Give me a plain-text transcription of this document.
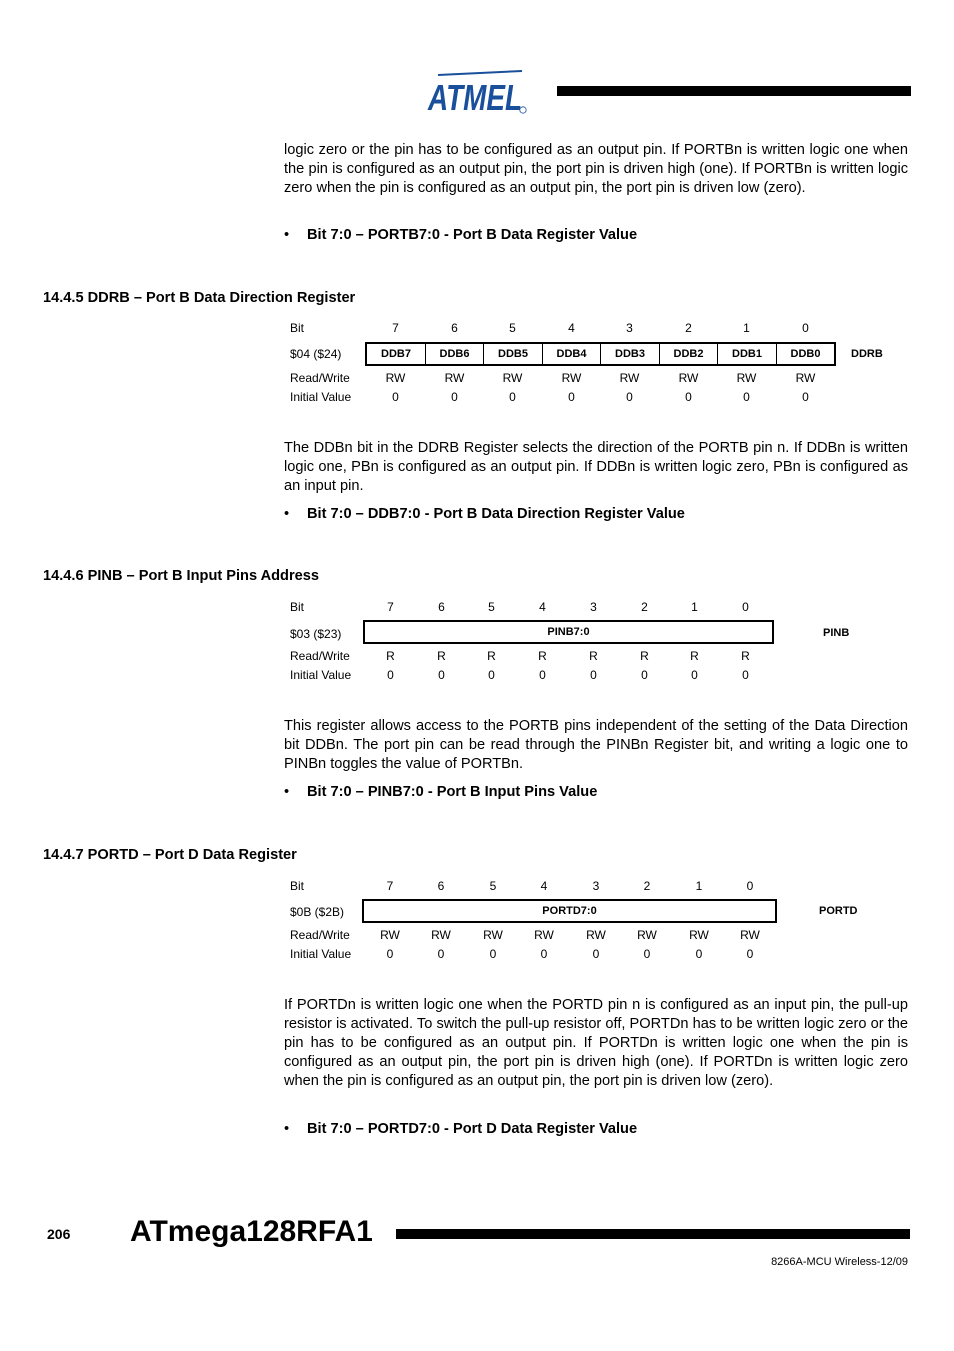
ATMEL
logic zero or the pin has to be configured as an output pin. If PORTBn is written logic one when the pin is configured as an output pin, the port pin is driven high (one). If PORTBn is written logic zero when the pin is configured as an output pin, the port pin is driven low (zero).
• Bit 7:0 – PORTB7:0 - Port B Data Register Value
14.4.5 DDRB – Port B Data Direction Register
Bit	7	6	5	4	3	2	1	0
$04 ($24)	DDB7	DDB6	DDB5	DDB4	DDB3	DDB2	DDB1	DDB0	DDRB
Read/Write	RW	RW	RW	RW	RW	RW	RW	RW
Initial Value	0	0	0	0	0	0	0	0
The DDBn bit in the DDRB Register selects the direction of the PORTB pin n. If DDBn is written logic one, PBn is configured as an output pin. If DDBn is written logic zero, PBn is configured as an input pin.
• Bit 7:0 – DDB7:0 - Port B Data Direction Register Value
14.4.6 PINB – Port B Input Pins Address
Bit	7	6	5	4	3	2	1	0
$03 ($23)	PINB7:0	PINB
Read/Write	R	R	R	R	R	R	R	R
Initial Value	0	0	0	0	0	0	0	0
This register allows access to the PORTB pins independent of the setting of the Data Direction bit DDBn. The port pin can be read through the PINBn Register bit, and writing a logic one to PINBn toggles the value of PORTBn.
• Bit 7:0 – PINB7:0 - Port B Input Pins Value
14.4.7 PORTD – Port D Data Register
Bit	7	6	5	4	3	2	1	0
$0B ($2B)	PORTD7:0	PORTD
Read/Write	RW	RW	RW	RW	RW	RW	RW	RW
Initial Value	0	0	0	0	0	0	0	0
If PORTDn is written logic one when the PORTD pin n is configured as an input pin, the pull-up resistor is activated. To switch the pull-up resistor off, PORTDn has to be written logic zero or the pin has to be configured as an output pin. If PORTDn is written logic one when the pin is configured as an output pin, the port pin is driven high (one). If PORTDn is written logic zero when the pin is configured as an output pin, the port pin is driven low (zero).
• Bit 7:0 – PORTD7:0 - Port D Data Register Value
206 ATmega128RFA1
8266A-MCU Wireless-12/09
